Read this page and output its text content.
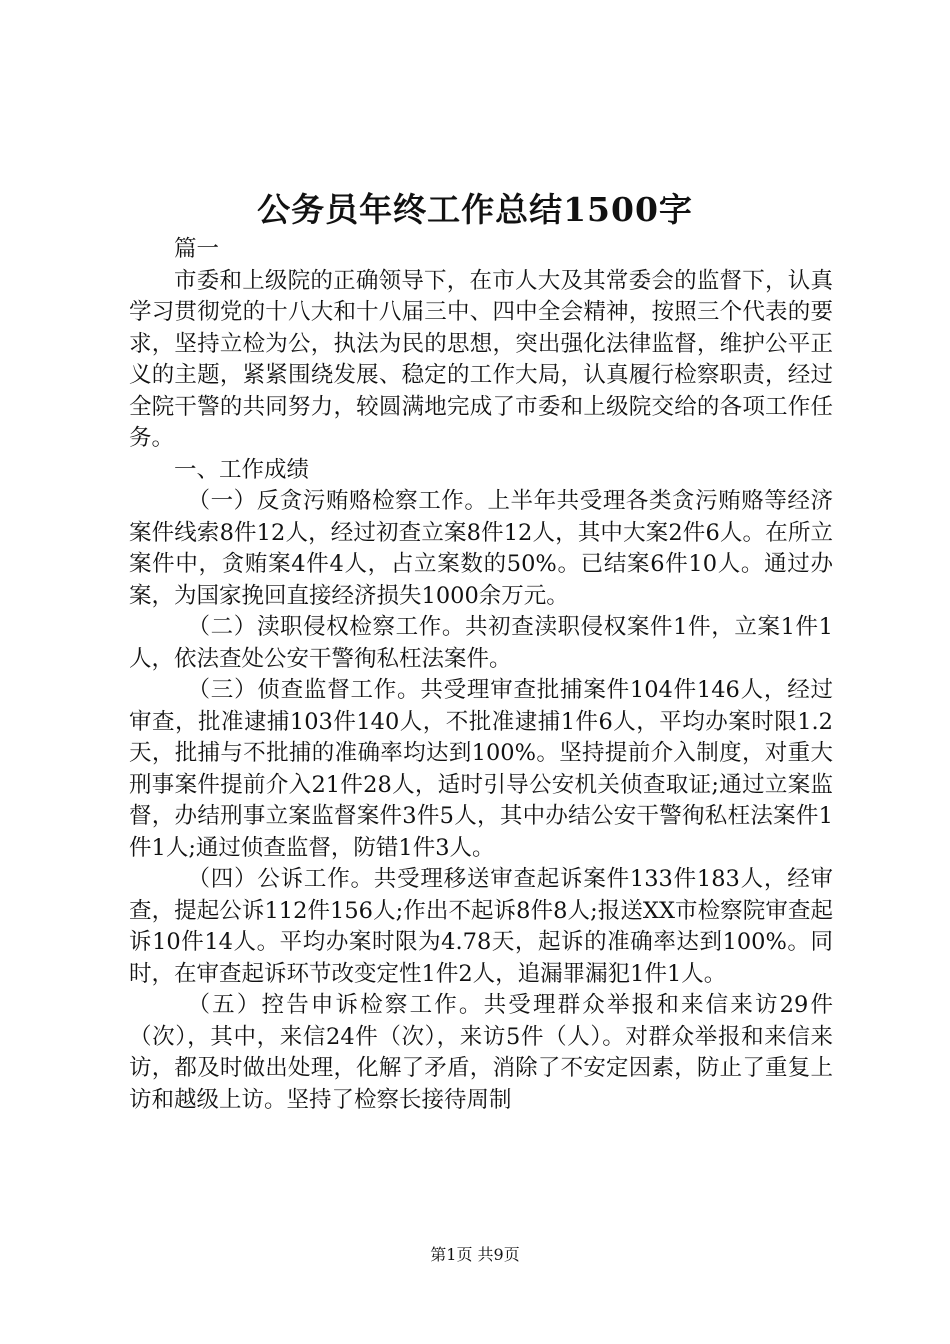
公务员年终工作总结1500字

篇一

市委和上级院的正确领导下，在市人大及其常委会的监督下，认真学习贯彻党的十八大和十八届三中、四中全会精神，按照三个代表的要求，坚持立检为公，执法为民的思想，突出强化法律监督，维护公平正义的主题，紧紧围绕发展、稳定的工作大局，认真履行检察职责，经过全院干警的共同努力，较圆满地完成了市委和上级院交给的各项工作任务。

一、工作成绩

（一）反贪污贿赂检察工作。上半年共受理各类贪污贿赂等经济案件线索8件12人，经过初查立案8件12人，其中大案2件6人。在所立案件中，贪贿案4件4人，占立案数的50%。已结案6件10人。通过办案，为国家挽回直接经济损失1000余万元。

（二）渎职侵权检察工作。共初查渎职侵权案件1件，立案1件1人，依法查处公安干警徇私枉法案件。

（三）侦查监督工作。共受理审查批捕案件104件146人，经过审查，批准逮捕103件140人，不批准逮捕1件6人，平均办案时限1.2天，批捕与不批捕的准确率均达到100%。坚持提前介入制度，对重大刑事案件提前介入21件28人，适时引导公安机关侦查取证;通过立案监督，办结刑事立案监督案件3件5人，其中办结公安干警徇私枉法案件1件1人;通过侦查监督，防错1件3人。

（四）公诉工作。共受理移送审查起诉案件133件183人，经审查，提起公诉112件156人;作出不起诉8件8人;报送XX市检察院审查起诉10件14人。平均办案时限为4.78天，起诉的准确率达到100%。同时，在审查起诉环节改变定性1件2人，追漏罪漏犯1件1人。

（五）控告申诉检察工作。共受理群众举报和来信来访29件（次），其中，来信24件（次），来访5件（人）。对群众举报和来信来访，都及时做出处理，化解了矛盾，消除了不安定因素，防止了重复上访和越级上访。坚持了检察长接待周制

第1页 共9页
